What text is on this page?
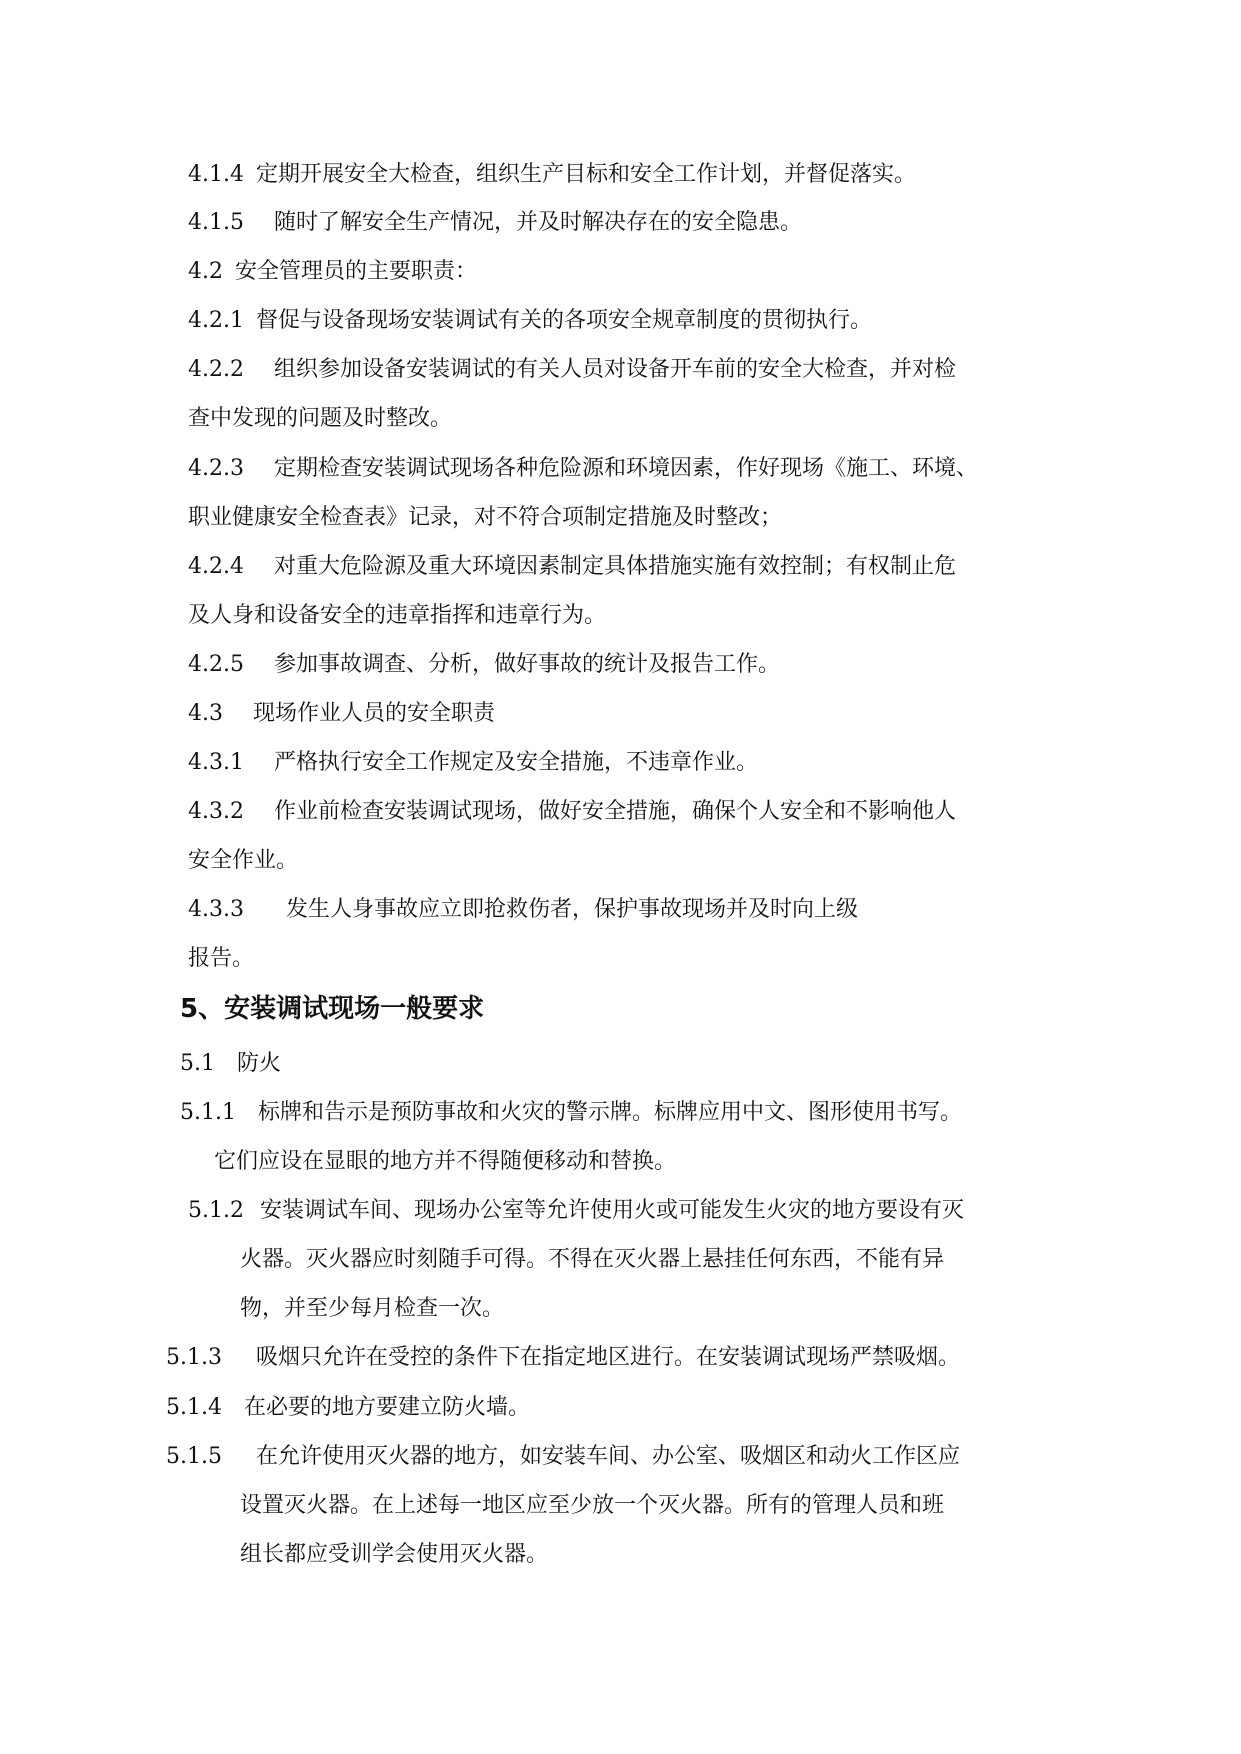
4.1.4 定期开展安全大检查，组织生产目标和安全工作计划，并督促落实。
4.1.5 随时了解安全生产情况，并及时解决存在的安全隐患。
4.2 安全管理员的主要职责：
4.2.1 督促与设备现场安装调试有关的各项安全规章制度的贯彻执行。
4.2.2 组织参加设备安装调试的有关人员对设备开车前的安全大检查，并对检
查中发现的问题及时整改。
4.2.3 定期检查安装调试现场各种危险源和环境因素，作好现场《施工、环境、
职业健康安全检查表》记录，对不符合项制定措施及时整改；
4.2.4 对重大危险源及重大环境因素制定具体措施实施有效控制；有权制止危
及人身和设备安全的违章指挥和违章行为。
4.2.5 参加事故调查、分析，做好事故的统计及报告工作。
4.3 现场作业人员的安全职责
4.3.1 严格执行安全工作规定及安全措施，不违章作业。
4.3.2 作业前检查安装调试现场，做好安全措施，确保个人安全和不影响他人
安全作业。
4.3.3 发生人身事故应立即抢救伤者，保护事故现场并及时向上级
报告。
5、安装调试现场一般要求
5.1 防火
5.1.1 标牌和告示是预防事故和火灾的警示牌。标牌应用中文、图形使用书写。
它们应设在显眼的地方并不得随便移动和替换。
5.1.2 安装调试车间、现场办公室等允许使用火或可能发生火灾的地方要设有灭
火器。灭火器应时刻随手可得。不得在灭火器上悬挂任何东西，不能有异
物，并至少每月检查一次。
5.1.3 吸烟只允许在受控的条件下在指定地区进行。在安装调试现场严禁吸烟。
5.1.4 在必要的地方要建立防火墙。
5.1.5 在允许使用灭火器的地方，如安装车间、办公室、吸烟区和动火工作区应
设置灭火器。在上述每一地区应至少放一个灭火器。所有的管理人员和班
组长都应受训学会使用灭火器。
